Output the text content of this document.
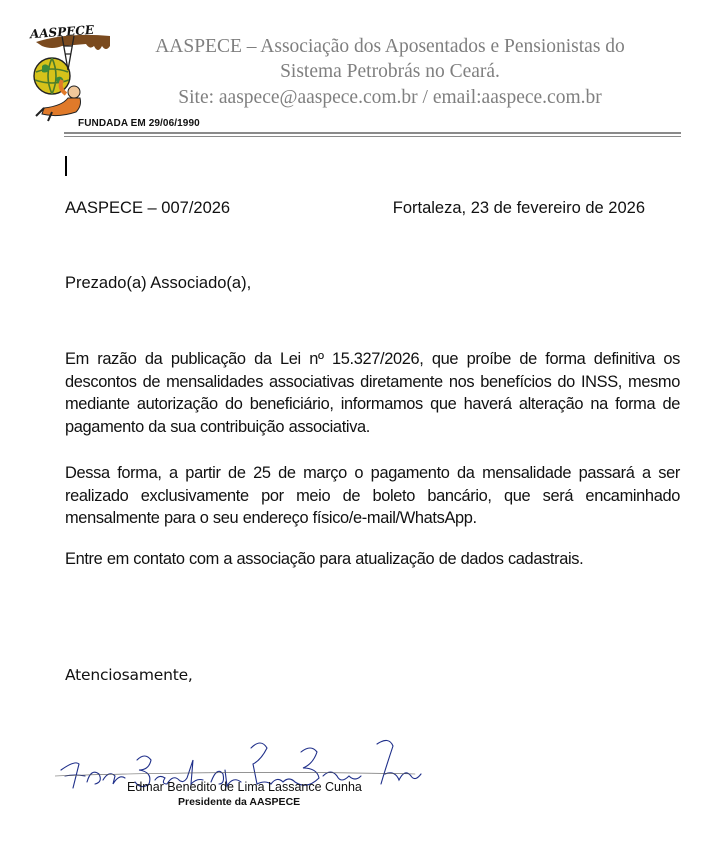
AASPECE
AASPECE – Associação dos Aposentados e Pensionistas do
Sistema Petrobrás no Ceará.
Site: aaspece@aaspece.com.br / email:aaspece.com.br
FUNDADA EM 29/06/1990
AASPECE – 007/2026	Fortaleza, 23 de fevereiro de 2026
Prezado(a) Associado(a),
Em razão da publicação da Lei nº 15.327/2026, que proíbe de forma definitiva os descontos de mensalidades associativas diretamente nos benefícios do INSS, mesmo mediante autorização do beneficiário, informamos que haverá alteração na forma de pagamento da sua contribuição associativa.
Dessa forma, a partir de 25 de março o pagamento da mensalidade passará a ser realizado exclusivamente por meio de boleto bancário, que será encaminhado mensalmente para o seu endereço físico/e-mail/WhatsApp.
Entre em contato com a associação para atualização de dados cadastrais.
Atenciosamente,
Edmar Benedito de Lima Lassance Cunha
Presidente da AASPECE
